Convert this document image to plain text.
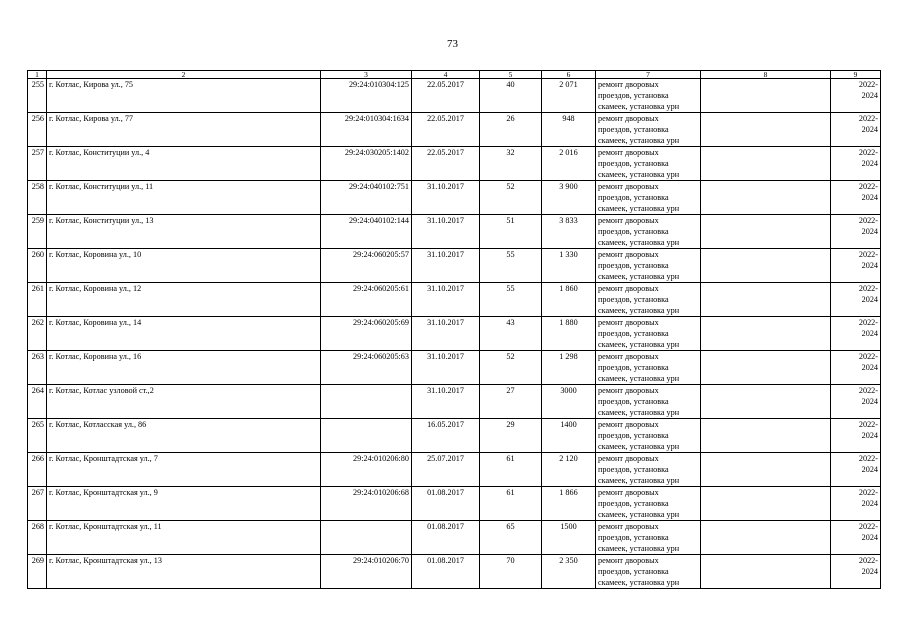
73
1	2	3	4	5	6	7	8	9
255	г. Котлас, Кирова ул., 75	29:24:010304:125	22.05.2017	40	2 071	ремонт дворовых
проездов, установка
скамеек, установка урн		2022-
2024
256	г. Котлас, Кирова ул., 77	29:24:010304:1634	22.05.2017	26	948	ремонт дворовых
проездов, установка
скамеек, установка урн		2022-
2024
257	г. Котлас, Конституции ул., 4	29:24:030205:1402	22.05.2017	32	2 016	ремонт дворовых
проездов, установка
скамеек, установка урн		2022-
2024
258	г. Котлас, Конституции ул., 11	29:24:040102:751	31.10.2017	52	3 900	ремонт дворовых
проездов, установка
скамеек, установка урн		2022-
2024
259	г. Котлас, Конституции ул., 13	29:24:040102:144	31.10.2017	51	3 833	ремонт дворовых
проездов, установка
скамеек, установка урн		2022-
2024
260	г. Котлас, Коровина ул., 10	29:24:060205:57	31.10.2017	55	1 330	ремонт дворовых
проездов, установка
скамеек, установка урн		2022-
2024
261	г. Котлас, Коровина ул., 12	29:24:060205:61	31.10.2017	55	1 860	ремонт дворовых
проездов, установка
скамеек, установка урн		2022-
2024
262	г. Котлас, Коровина ул., 14	29:24:060205:69	31.10.2017	43	1 880	ремонт дворовых
проездов, установка
скамеек, установка урн		2022-
2024
263	г. Котлас, Коровина ул., 16	29:24:060205:63	31.10.2017	52	1 298	ремонт дворовых
проездов, установка
скамеек, установка урн		2022-
2024
264	г. Котлас, Котлас узловой ст.,2		31.10.2017	27	3000	ремонт дворовых
проездов, установка
скамеек, установка урн		2022-
2024
265	г. Котлас, Котласcкая ул., 86		16.05.2017	29	1400	ремонт дворовых
проездов, установка
скамеек, установка урн		2022-
2024
266	г. Котлас, Кронштадтская ул., 7	29:24:010206:80	25.07.2017	61	2 120	ремонт дворовых
проездов, установка
скамеек, установка урн		2022-
2024
267	г. Котлас, Кронштадтская ул., 9	29:24:010206:68	01.08.2017	61	1 866	ремонт дворовых
проездов, установка
скамеек, установка урн		2022-
2024
268	г. Котлас, Кронштадтская ул., 11		01.08.2017	65	1500	ремонт дворовых
проездов, установка
скамеек, установка урн		2022-
2024
269	г. Котлас, Кронштадтская ул., 13	29:24:010206:70	01.08.2017	70	2 350	ремонт дворовых
проездов, установка
скамеек, установка урн		2022-
2024
